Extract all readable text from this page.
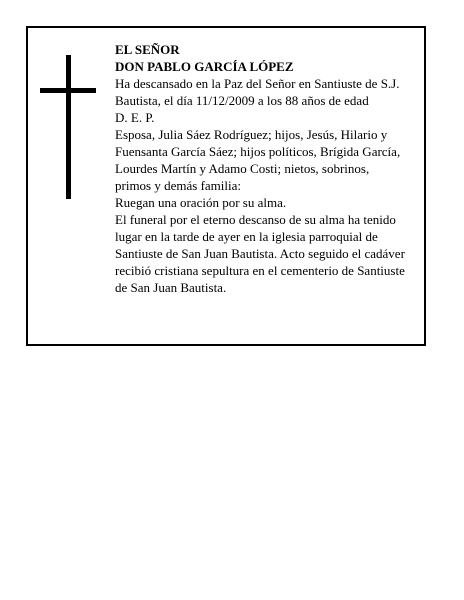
EL SEÑOR

DON PABLO GARCÍA LÓPEZ

Ha descansado en la Paz del Señor en Santiuste de S.J.

Bautista, el día 11/12/2009 a los 88 años de edad

D. E. P.

Esposa, Julia Sáez Rodríguez; hijos, Jesús, Hilario y

Fuensanta García Sáez; hijos políticos, Brígida García,

Lourdes Martín y Adamo Costi; nietos, sobrinos,

primos y demás familia:

Ruegan una oración por su alma.

El funeral por el eterno descanso de su alma ha tenido

lugar en la tarde de ayer en la iglesia parroquial de

Santiuste de San Juan Bautista. Acto seguido el cadáver

recibió cristiana sepultura en el cementerio de Santiuste

de San Juan Bautista.
